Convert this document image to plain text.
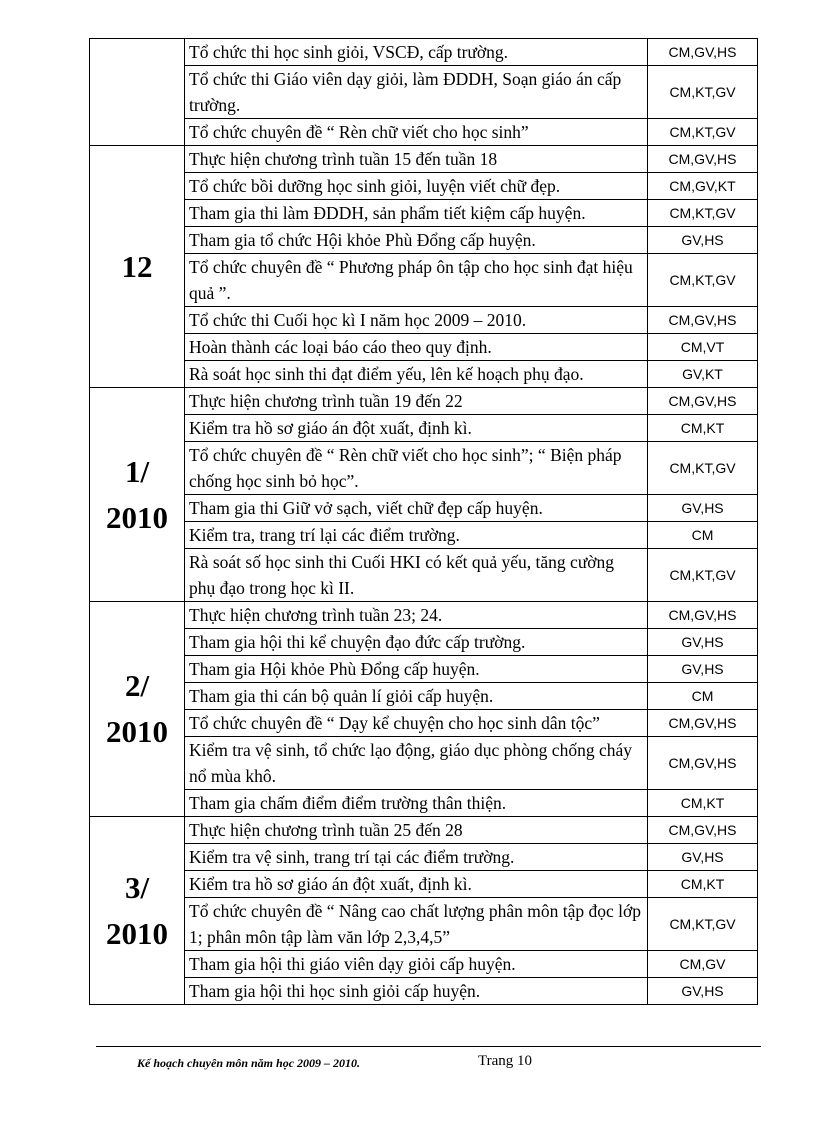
	Tổ chức thi học sinh giỏi, VSCĐ, cấp trường.	CM,GV,HS
	Tổ chức thi Giáo viên dạy giỏi, làm ĐDDH, Soạn giáo án cấp trường.	CM,KT,GV
	Tổ chức chuyên đề “ Rèn chữ viết cho học sinh”	CM,KT,GV

12	Thực hiện chương trình tuần 15 đến tuần 18	CM,GV,HS
	Tổ chức bồi dưỡng học sinh giỏi, luyện viết chữ đẹp.	CM,GV,KT
	Tham gia thi làm ĐDDH, sản phẩm tiết kiệm cấp huyện.	CM,KT,GV
	Tham gia tổ chức Hội khỏe Phù Đổng cấp huyện.	GV,HS
	Tổ chức chuyên đề “ Phương pháp ôn tập cho học sinh đạt hiệu quả ”.	CM,KT,GV
	Tổ chức thi Cuối học kì I năm học 2009 – 2010.	CM,GV,HS
	Hoàn thành các loại báo cáo theo quy định.	CM,VT
	Rà soát học sinh thi đạt điểm yếu, lên kế hoạch phụ đạo.	GV,KT

1/
2010	Thực hiện chương trình tuần 19 đến 22	CM,GV,HS
	Kiểm tra hồ sơ giáo án đột xuất, định kì.	CM,KT
	Tổ chức chuyên đề “ Rèn chữ viết cho học sinh”; “ Biện pháp chống học sinh bỏ học”.	CM,KT,GV
	Tham gia thi Giữ vở sạch, viết chữ đẹp cấp huyện.	GV,HS
	Kiểm tra, trang trí lại các điểm trường.	CM
	Rà soát số học sinh thi Cuối HKI có kết quả yếu, tăng cường phụ đạo trong học kì II.	CM,KT,GV

2/
2010	Thực hiện chương trình tuần 23; 24.	CM,GV,HS
	Tham gia hội thi kể chuyện đạo đức cấp trường.	GV,HS
	Tham gia Hội khỏe Phù Đổng cấp huyện.	GV,HS
	Tham gia thi cán bộ quản lí giỏi cấp huyện.	CM
	Tổ chức chuyên đề “ Dạy kể chuyện cho học sinh dân tộc”	CM,GV,HS
	Kiểm tra vệ sinh, tổ chức lạo động, giáo dục phòng chống cháy nổ mùa khô.	CM,GV,HS
	Tham gia chấm điểm điểm trường thân thiện.	CM,KT

3/
2010	Thực hiện chương trình tuần 25 đến 28	CM,GV,HS
	Kiểm tra vệ sinh, trang trí tại các điểm trường.	GV,HS
	Kiểm tra hồ sơ giáo án đột xuất, định kì.	CM,KT
	Tổ chức chuyên đề “ Nâng cao chất lượng phân môn tập đọc lớp 1; phân môn tập làm văn lớp 2,3,4,5”	CM,KT,GV
	Tham gia hội thi giáo viên dạy giỏi cấp huyện.	CM,GV
	Tham gia hội thi học sinh giỏi cấp huyện.	GV,HS
Kế hoạch chuyên môn năm học 2009 – 2010.	Trang 10
